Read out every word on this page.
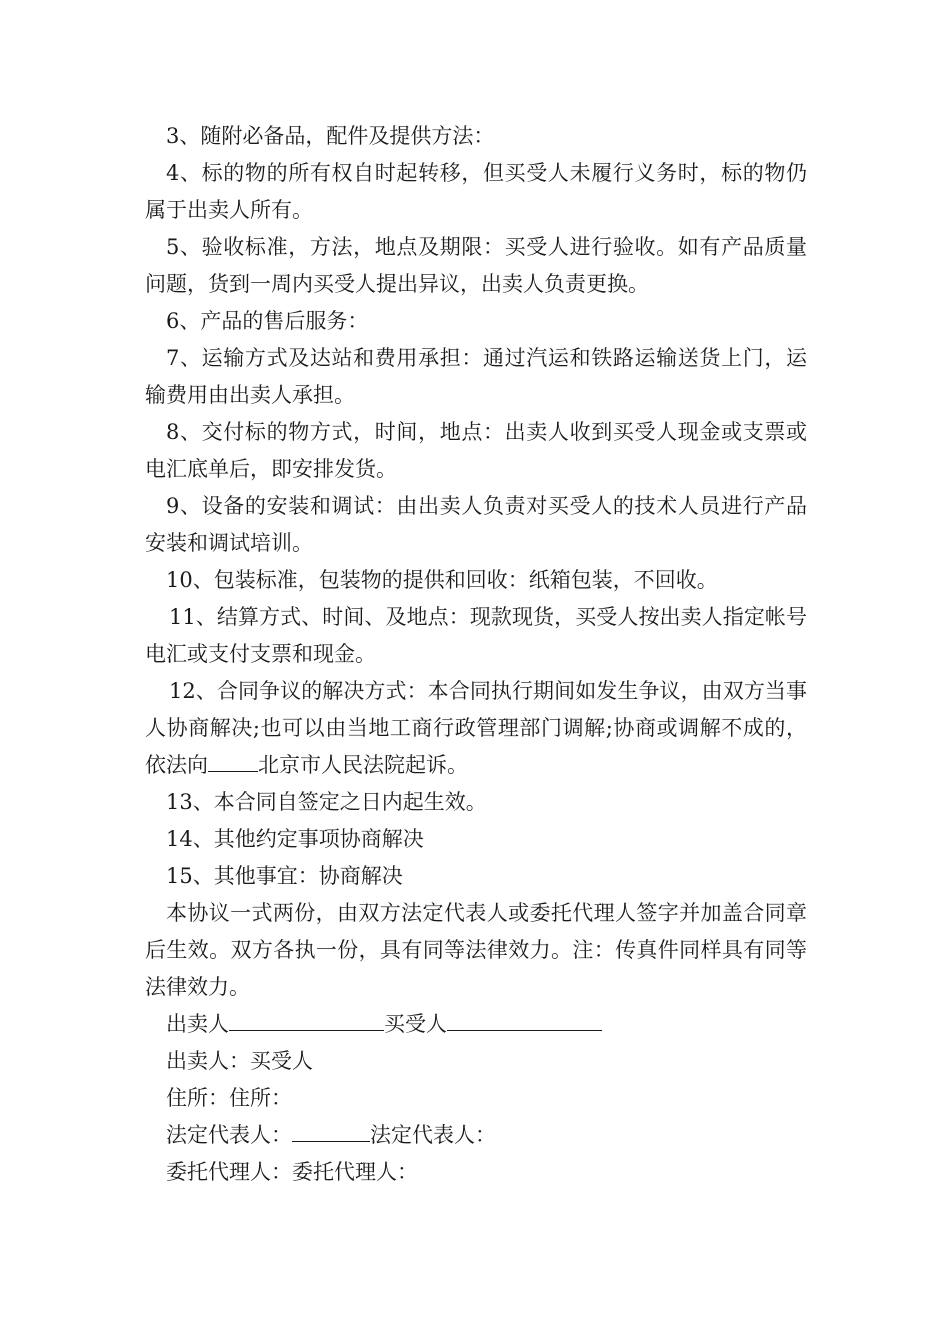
3、随附必备品，配件及提供方法：

4、标的物的所有权自时起转移，但买受人未履行义务时，标的物仍属于出卖人所有。

5、验收标准，方法，地点及期限：买受人进行验收。如有产品质量问题，货到一周内买受人提出异议，出卖人负责更换。

6、产品的售后服务：

7、运输方式及达站和费用承担：通过汽运和铁路运输送货上门，运输费用由出卖人承担。

8、交付标的物方式，时间，地点：出卖人收到买受人现金或支票或电汇底单后，即安排发货。

9、设备的安装和调试：由出卖人负责对买受人的技术人员进行产品安装和调试培训。

10、包装标准，包装物的提供和回收：纸箱包装，不回收。

11、结算方式、时间、及地点：现款现货，买受人按出卖人指定帐号电汇或支付支票和现金。

12、合同争议的解决方式：本合同执行期间如发生争议，由双方当事人协商解决;也可以由当地工商行政管理部门调解;协商或调解不成的，依法向 北京市人民法院起诉。

13、本合同自签定之日内起生效。

14、其他约定事项协商解决

15、其他事宜：协商解决

本协议一式两份，由双方法定代表人或委托代理人签字并加盖合同章后生效。双方各执一份，具有同等法律效力。注：传真件同样具有同等法律效力。

出卖人	买受人
出卖人：买受人
住所：住所：
法定代表人：	法定代表人：
委托代理人：委托代理人：
